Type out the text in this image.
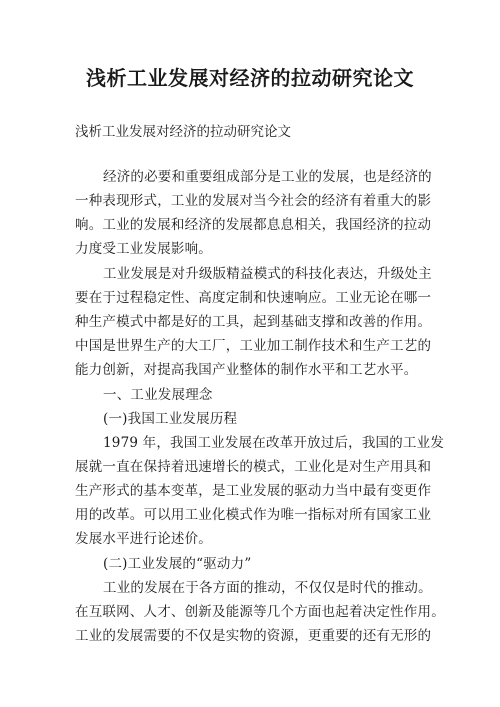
浅析工业发展对经济的拉动研究论文
浅析工业发展对经济的拉动研究论文
经济的必要和重要组成部分是工业的发展，也是经济的
一种表现形式，工业的发展对当今社会的经济有着重大的影
响。工业的发展和经济的发展都息息相关，我国经济的拉动
力度受工业发展影响。
工业发展是对升级版精益模式的科技化表达，升级处主
要在于过程稳定性、高度定制和快速响应。工业无论在哪一
种生产模式中都是好的工具，起到基础支撑和改善的作用。
中国是世界生产的大工厂，工业加工制作技术和生产工艺的
能力创新，对提高我国产业整体的制作水平和工艺水平。
一、工业发展理念
(一)我国工业发展历程
1979 年，我国工业发展在改革开放过后，我国的工业发
展就一直在保持着迅速增长的模式，工业化是对生产用具和
生产形式的基本变革，是工业发展的驱动力当中最有变更作
用的改革。可以用工业化模式作为唯一指标对所有国家工业
发展水平进行论述价。
(二)工业发展的“驱动力”
工业的发展在于各方面的推动，不仅仅是时代的推动。
在互联网、人才、创新及能源等几个方面也起着决定性作用。
工业的发展需要的不仅是实物的资源，更重要的还有无形的
